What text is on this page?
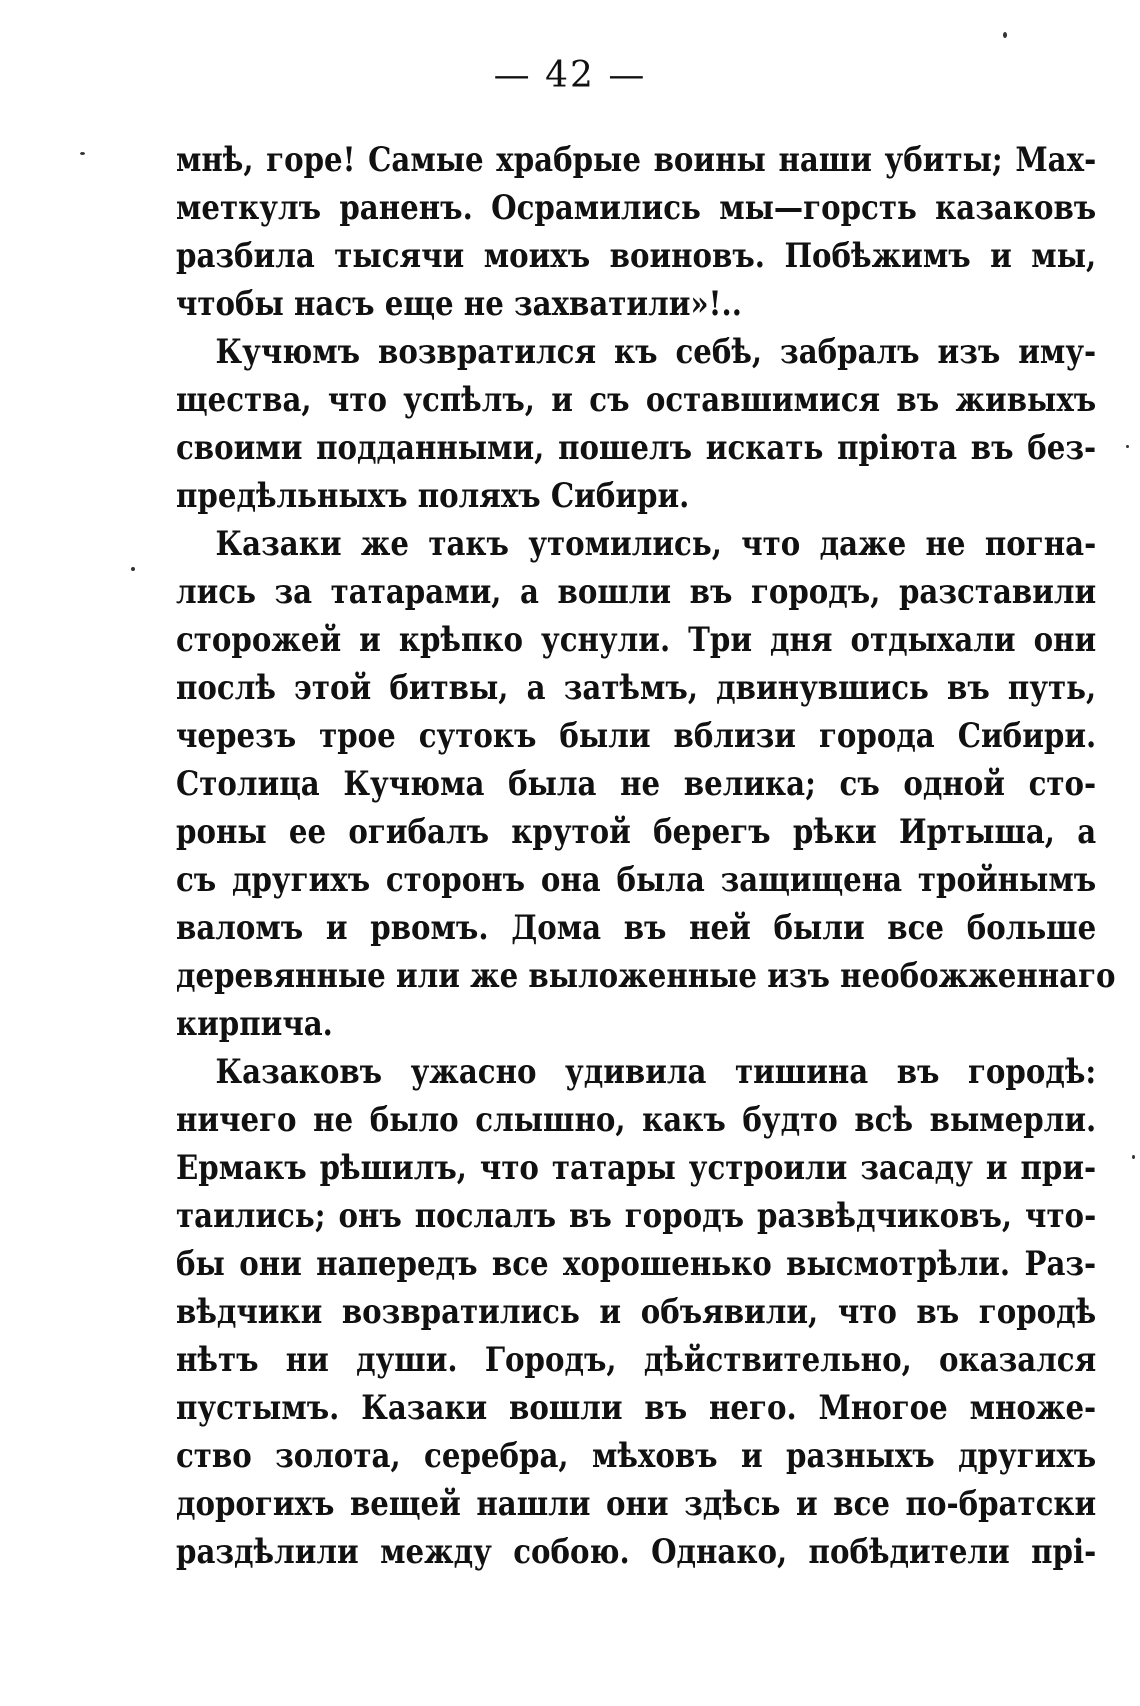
— 42 —
мнѣ, горе! Самые храбрые воины наши убиты; Мах-
меткулъ раненъ. Осрамились мы—горсть казаковъ
разбила тысячи моихъ воиновъ. Побѣжимъ и мы,
чтобы насъ еще не захватили»!..
Кучюмъ возвратился къ себѣ, забралъ изъ иму-
щества, что успѣлъ, и съ оставшимися въ живыхъ
своими подданными, пошелъ искать пріюта въ без-
предѣльныхъ поляхъ Сибири.
Казаки же такъ утомились, что даже не погна-
лись за татарами, а вошли въ городъ, разставили
сторожей и крѣпко уснули. Три дня отдыхали они
послѣ этой битвы, а затѣмъ, двинувшись въ путь,
черезъ трое сутокъ были вблизи города Сибири.
Столица Кучюма была не велика; съ одной сто-
роны ее огибалъ крутой берегъ рѣки Иртыша, а
съ другихъ сторонъ она была защищена тройнымъ
валомъ и рвомъ. Дома въ ней были все больше
деревянные или же выложенные изъ необожженнаго
кирпича.
Казаковъ ужасно удивила тишина въ городѣ:
ничего не было слышно, какъ будто всѣ вымерли.
Ермакъ рѣшилъ, что татары устроили засаду и при-
таились; онъ послалъ въ городъ развѣдчиковъ, что-
бы они напередъ все хорошенько высмотрѣли. Раз-
вѣдчики возвратились и объявили, что въ городѣ
нѣтъ ни души. Городъ, дѣйствительно, оказался
пустымъ. Казаки вошли въ него. Многое множе-
ство золота, серебра, мѣховъ и разныхъ другихъ
дорогихъ вещей нашли они здѣсь и все по-братски
раздѣлили между собою. Однако, побѣдители прі-
